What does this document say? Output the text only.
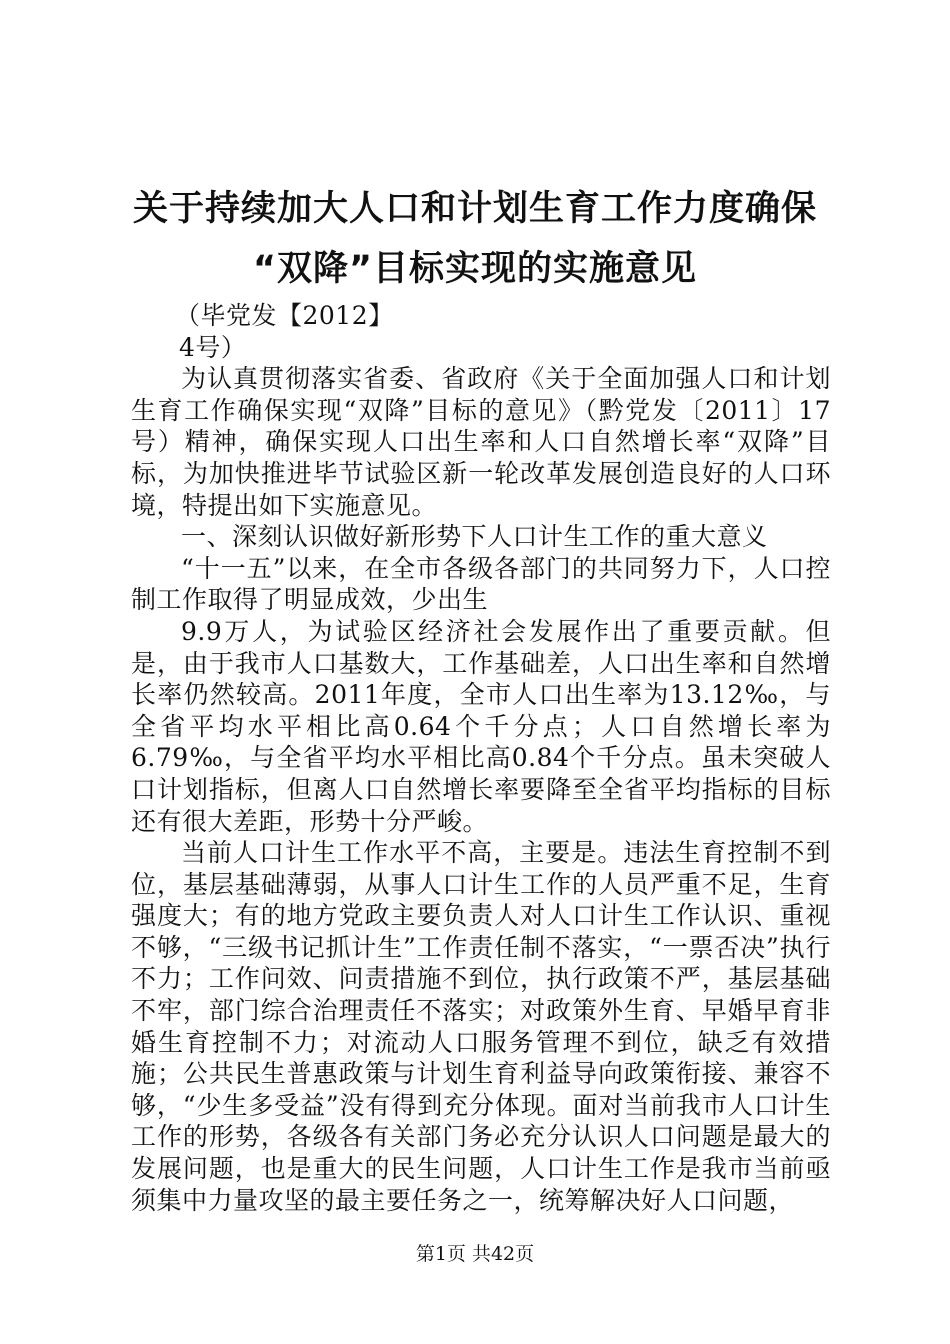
关于持续加大人口和计划生育工作力度确保
“双降”目标实现的实施意见

（毕党发【2012】

4号）

为认真贯彻落实省委、省政府《关于全面加强人口和计划生育工作确保实现“双降”目标的意见》（黔党发〔2011〕17号）精神，确保实现人口出生率和人口自然增长率“双降”目标，为加快推进毕节试验区新一轮改革发展创造良好的人口环境，特提出如下实施意见。

一、深刻认识做好新形势下人口计生工作的重大意义

“十一五”以来，在全市各级各部门的共同努力下，人口控制工作取得了明显成效，少出生

9.9万人，为试验区经济社会发展作出了重要贡献。但是，由于我市人口基数大，工作基础差，人口出生率和自然增长率仍然较高。2011年度，全市人口出生率为13.12‰，与全省平均水平相比高0.64个千分点；人口自然增长率为6.79‰，与全省平均水平相比高0.84个千分点。虽未突破人口计划指标，但离人口自然增长率要降至全省平均指标的目标还有很大差距，形势十分严峻。

当前人口计生工作水平不高，主要是。违法生育控制不到位，基层基础薄弱，从事人口计生工作的人员严重不足，生育强度大；有的地方党政主要负责人对人口计生工作认识、重视不够，“三级书记抓计生”工作责任制不落实，“一票否决”执行不力；工作问效、问责措施不到位，执行政策不严，基层基础不牢，部门综合治理责任不落实；对政策外生育、早婚早育非婚生育控制不力；对流动人口服务管理不到位，缺乏有效措施；公共民生普惠政策与计划生育利益导向政策衔接、兼容不够，“少生多受益”没有得到充分体现。面对当前我市人口计生工作的形势，各级各有关部门务必充分认识人口问题是最大的发展问题，也是重大的民生问题，人口计生工作是我市当前亟须集中力量攻坚的最主要任务之一，统筹解决好人口问题，

第1页 共42页
